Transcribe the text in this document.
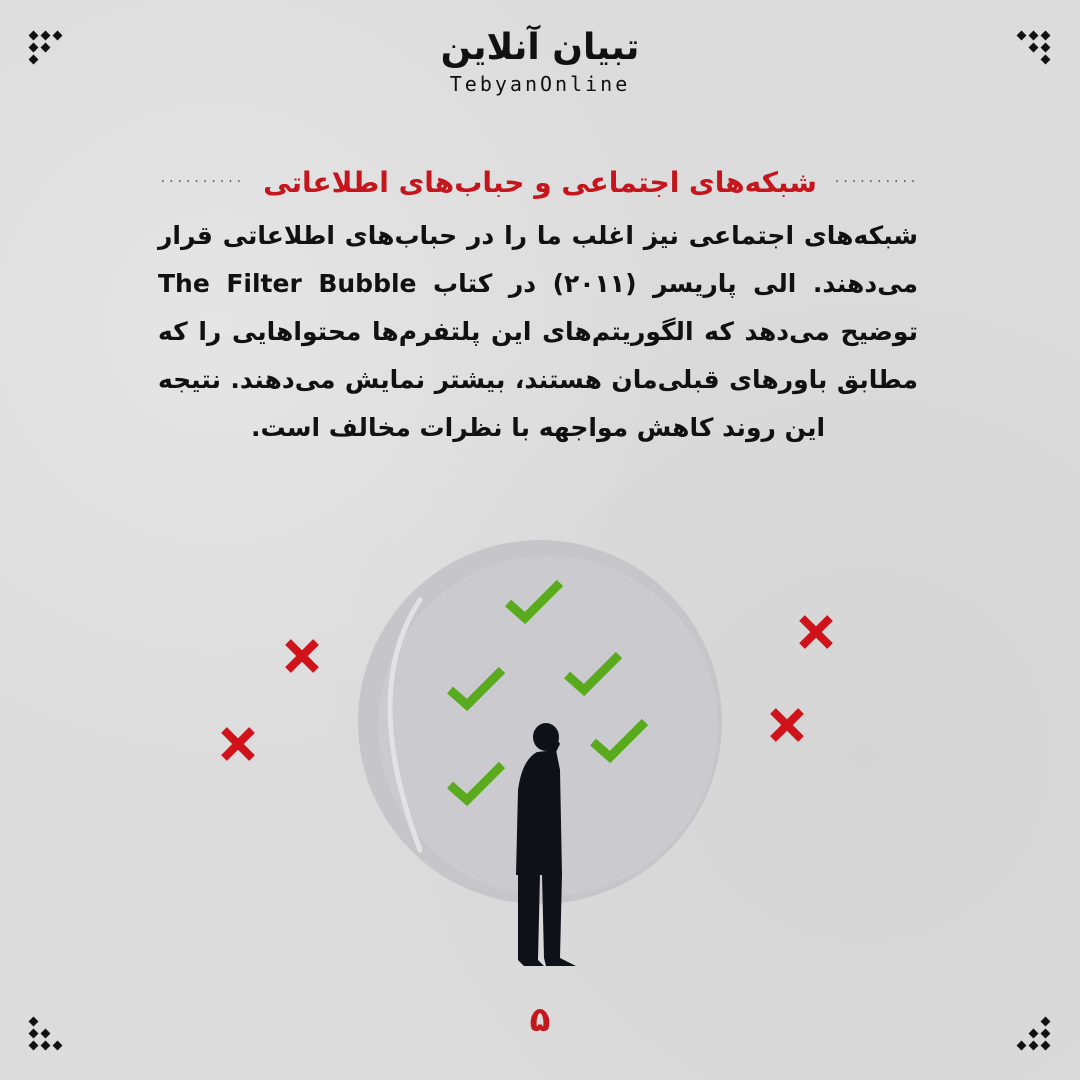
تبیان آنلاین
TebyanOnline
··········
شبکه‌های اجتماعی و حباب‌های اطلاعاتی
··········
شبکه‌های اجتماعی نیز اغلب ما را در حباب‌های اطلاعاتی قرار می‌دهند. الی پاریسر (۲۰۱۱) در کتاب The Filter Bubble توضیح می‌دهد که الگوریتم‌های این پلتفرم‌ها محتواهایی را که مطابق باورهای قبلی‌مان هستند، بیشتر نمایش می‌دهند. نتیجه این روند کاهش مواجهه با نظرات مخالف است.
۵
